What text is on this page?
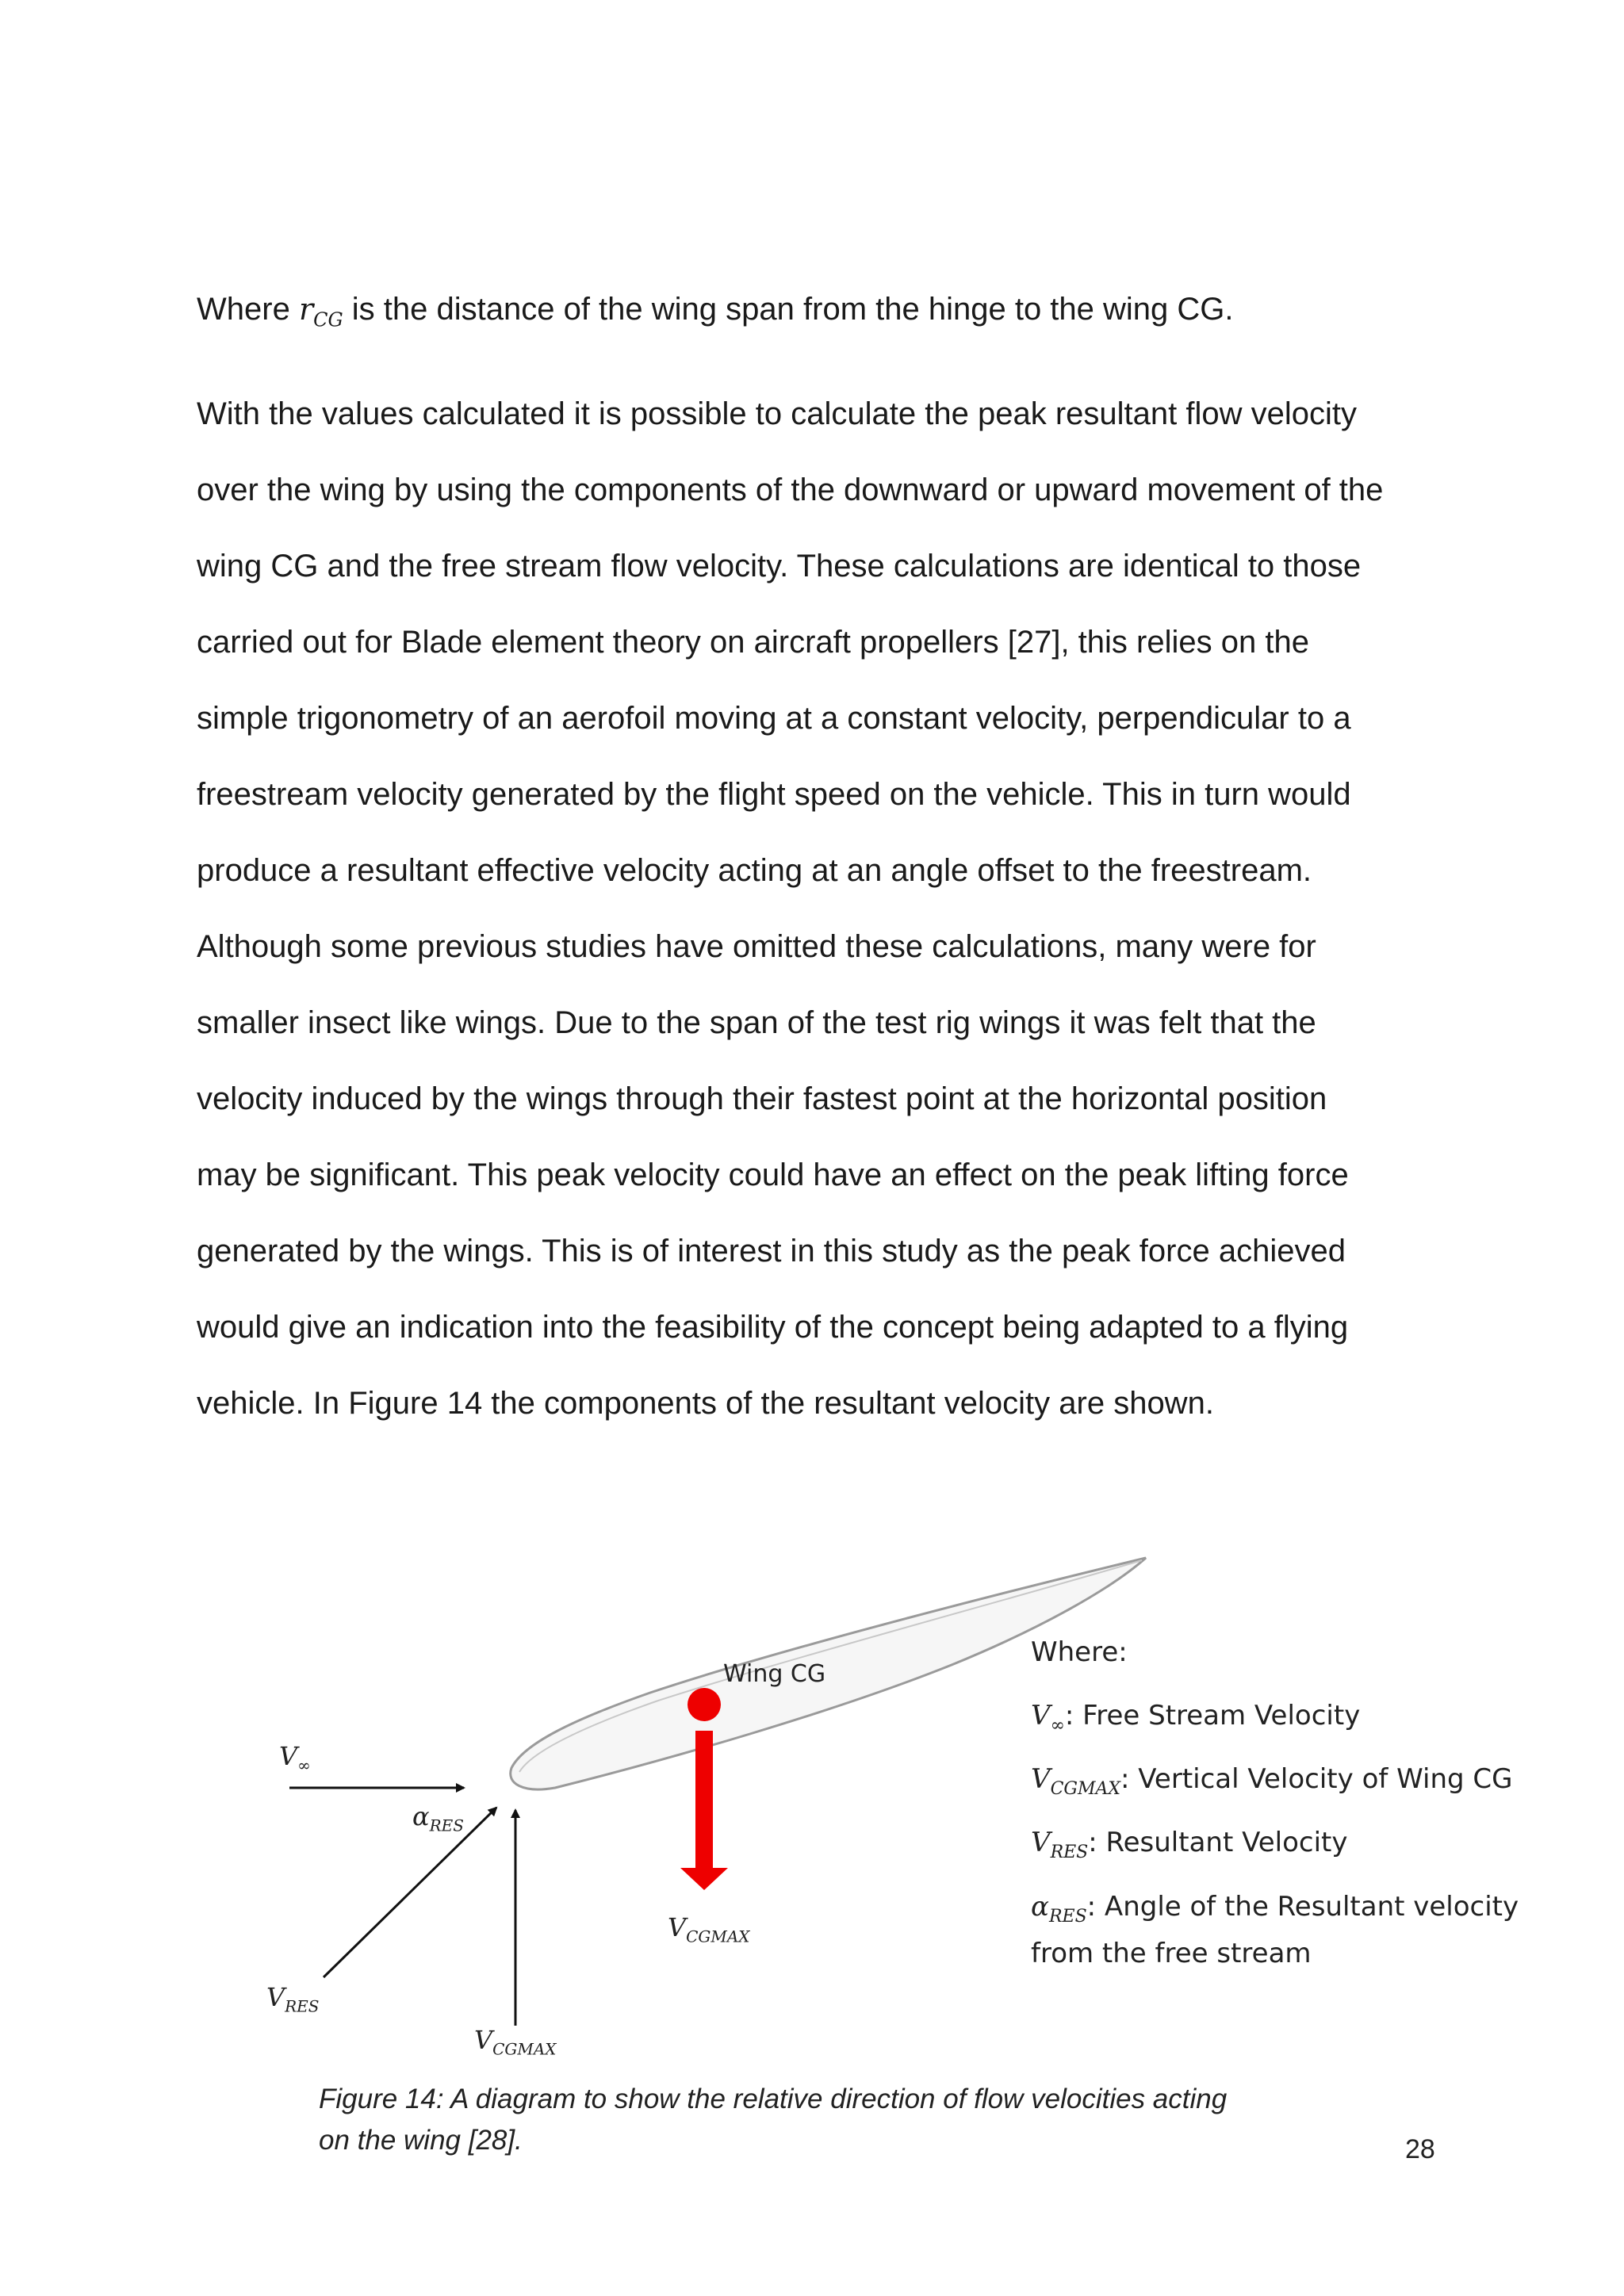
Where $r_{CG}$ is the distance of the wing span from the hinge to the wing CG.

With the values calculated it is possible to calculate the peak resultant flow velocity
over the wing by using the components of the downward or upward movement of the
wing CG and the free stream flow velocity. These calculations are identical to those
carried out for Blade element theory on aircraft propellers [27], this relies on the
simple trigonometry of an aerofoil moving at a constant velocity, perpendicular to a
freestream velocity generated by the flight speed on the vehicle. This in turn would
produce a resultant effective velocity acting at an angle offset to the freestream.
Although some previous studies have omitted these calculations, many were for
smaller insect like wings. Due to the span of the test rig wings it was felt that the
velocity induced by the wings through their fastest point at the horizontal position
may be significant. This peak velocity could have an effect on the peak lifting force
generated by the wings. This is of interest in this study as the peak force achieved
would give an indication into the feasibility of the concept being adapted to a flying
vehicle. In Figure 14 the components of the resultant velocity are shown.
Wing CG
$V_\infty$
$\alpha_{RES}$
$V_{RES}$
$V_{CGMAX}$
$V_{CGMAX}$
Where:
$V_\infty$: Free Stream Velocity
$V_{CGMAX}$: Vertical Velocity of Wing CG
$V_{RES}$: Resultant Velocity
$\alpha_{RES}$: Angle of the Resultant velocity from the free stream
Figure 14: A diagram to show the relative direction of flow velocities acting
on the wing [28].	28
